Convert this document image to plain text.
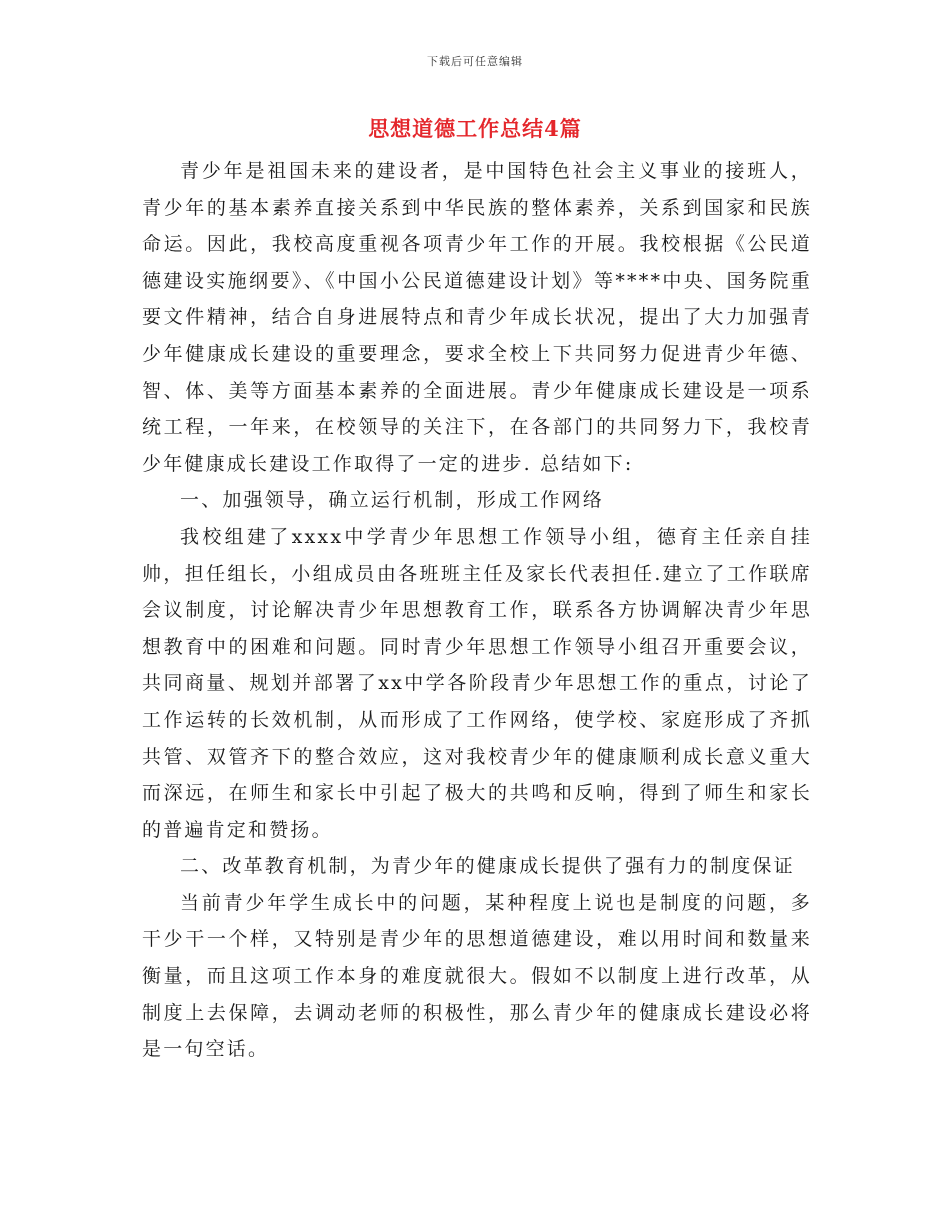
下载后可任意编辑
思想道德工作总结4篇

青少年是祖国未来的建设者，是中国特色社会主义事业的接班人，青少年的基本素养直接关系到中华民族的整体素养，关系到国家和民族命运。因此，我校高度重视各项青少年工作的开展。我校根据《公民道德建设实施纲要》、《中国小公民道德建设计划》等****中央、国务院重要文件精神，结合自身进展特点和青少年成长状况，提出了大力加强青少年健康成长建设的重要理念，要求全校上下共同努力促进青少年德、智、体、美等方面基本素养的全面进展。青少年健康成长建设是一项系统工程，一年来，在校领导的关注下，在各部门的共同努力下，我校青少年健康成长建设工作取得了一定的进步. 总结如下:

一、加强领导，确立运行机制，形成工作网络

我校组建了xxxx中学青少年思想工作领导小组，德育主任亲自挂帅，担任组长，小组成员由各班班主任及家长代表担任.建立了工作联席会议制度，讨论解决青少年思想教育工作，联系各方协调解决青少年思想教育中的困难和问题。同时青少年思想工作领导小组召开重要会议，共同商量、规划并部署了xx中学各阶段青少年思想工作的重点，讨论了工作运转的长效机制，从而形成了工作网络，使学校、家庭形成了齐抓共管、双管齐下的整合效应，这对我校青少年的健康顺利成长意义重大而深远，在师生和家长中引起了极大的共鸣和反响，得到了师生和家长的普遍肯定和赞扬。

二、改革教育机制，为青少年的健康成长提供了强有力的制度保证

当前青少年学生成长中的问题，某种程度上说也是制度的问题，多干少干一个样，又特别是青少年的思想道德建设，难以用时间和数量来衡量，而且这项工作本身的难度就很大。假如不以制度上进行改革，从制度上去保障，去调动老师的积极性，那么青少年的健康成长建设必将是一句空话。
